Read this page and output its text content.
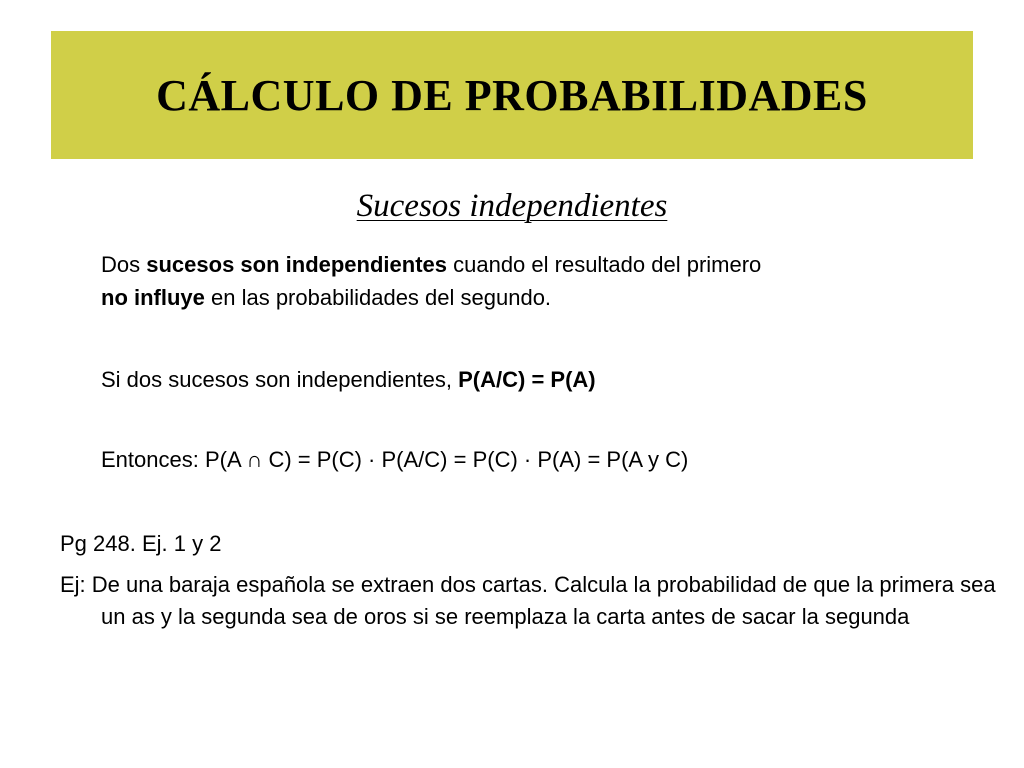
CÁLCULO DE PROBABILIDADES

Sucesos independientes

Dos sucesos son independientes cuando el resultado del primero

no influye en las probabilidades del segundo.

Si dos sucesos son independientes, P(A/C) = P(A)

Entonces: P(A ∩ C) = P(C) · P(A/C) = P(C) · P(A) = P(A y C)

Pg 248. Ej. 1 y 2

Ej: De una baraja española se extraen dos cartas. Calcula la probabilidad de que la primera sea un as y la segunda sea de oros si se reemplaza la carta antes de sacar la segunda
